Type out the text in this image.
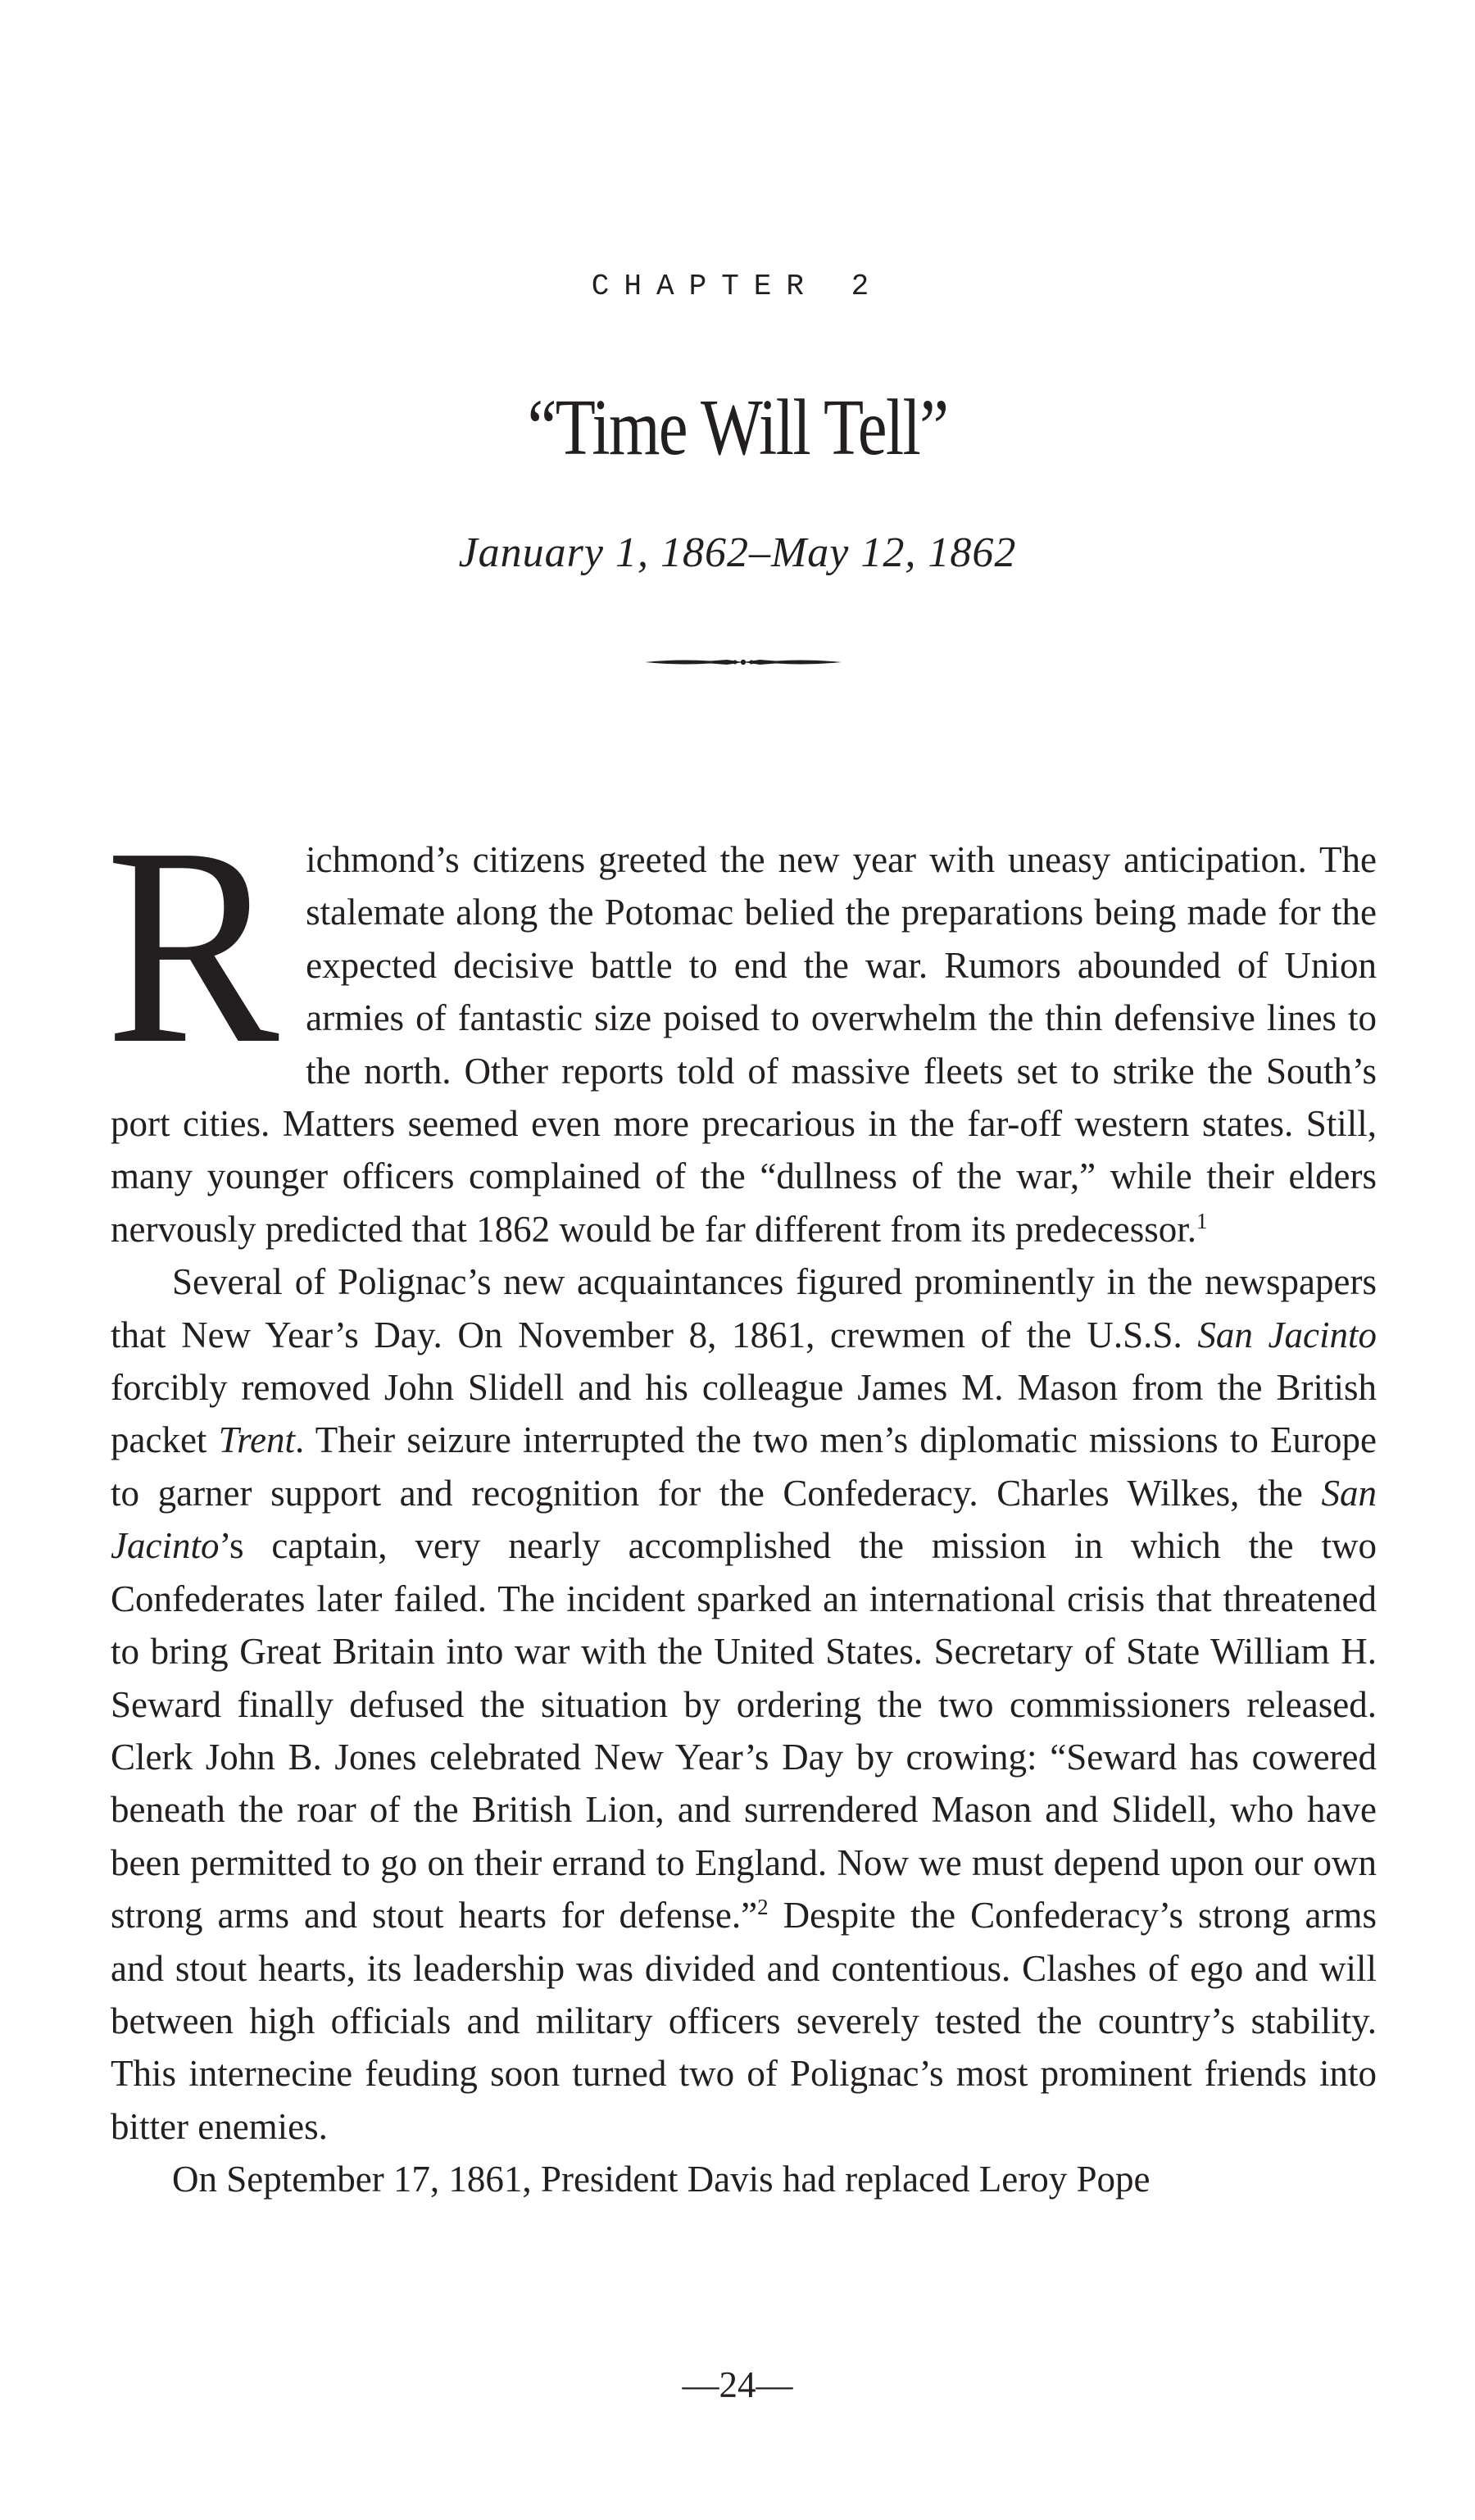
CHAPTER 2
“Time Will Tell”
January 1, 1862–May 12, 1862

Richmond’s citizens greeted the new year with uneasy anticipation. The stalemate along the Potomac belied the preparations being made for the expected decisive battle to end the war. Rumors abounded of Union armies of fantastic size poised to overwhelm the thin defensive lines to the north. Other reports told of massive fleets set to strike the South’s port cities. Matters seemed even more precarious in the far-off western states. Still, many younger officers complained of the “dullness of the war,” while their elders nervously predicted that 1862 would be far different from its predecessor.$^1$

Several of Polignac’s new acquaintances figured prominently in the newspapers that New Year’s Day. On November 8, 1861, crewmen of the U.S.S. San Jacinto forcibly removed John Slidell and his colleague James M. Mason from the British packet Trent. Their seizure interrupted the two men’s diplomatic missions to Europe to garner support and recognition for the Confederacy. Charles Wilkes, the San Jacinto’s captain, very nearly accomplished the mission in which the two Confederates later failed. The incident sparked an international crisis that threatened to bring Great Britain into war with the United States. Secretary of State William H. Seward finally defused the situation by ordering the two commissioners released. Clerk John B. Jones celebrated New Year’s Day by crowing: “Seward has cowered beneath the roar of the British Lion, and surrendered Mason and Slidell, who have been permitted to go on their errand to England. Now we must depend upon our own strong arms and stout hearts for defense.”$^2$ Despite the Confederacy’s strong arms and stout hearts, its leadership was divided and contentious. Clashes of ego and will between high officials and military officers severely tested the country’s stability. This internecine feuding soon turned two of Polignac’s most prominent friends into bitter enemies.

On September 17, 1861, President Davis had replaced Leroy Pope

—24—
